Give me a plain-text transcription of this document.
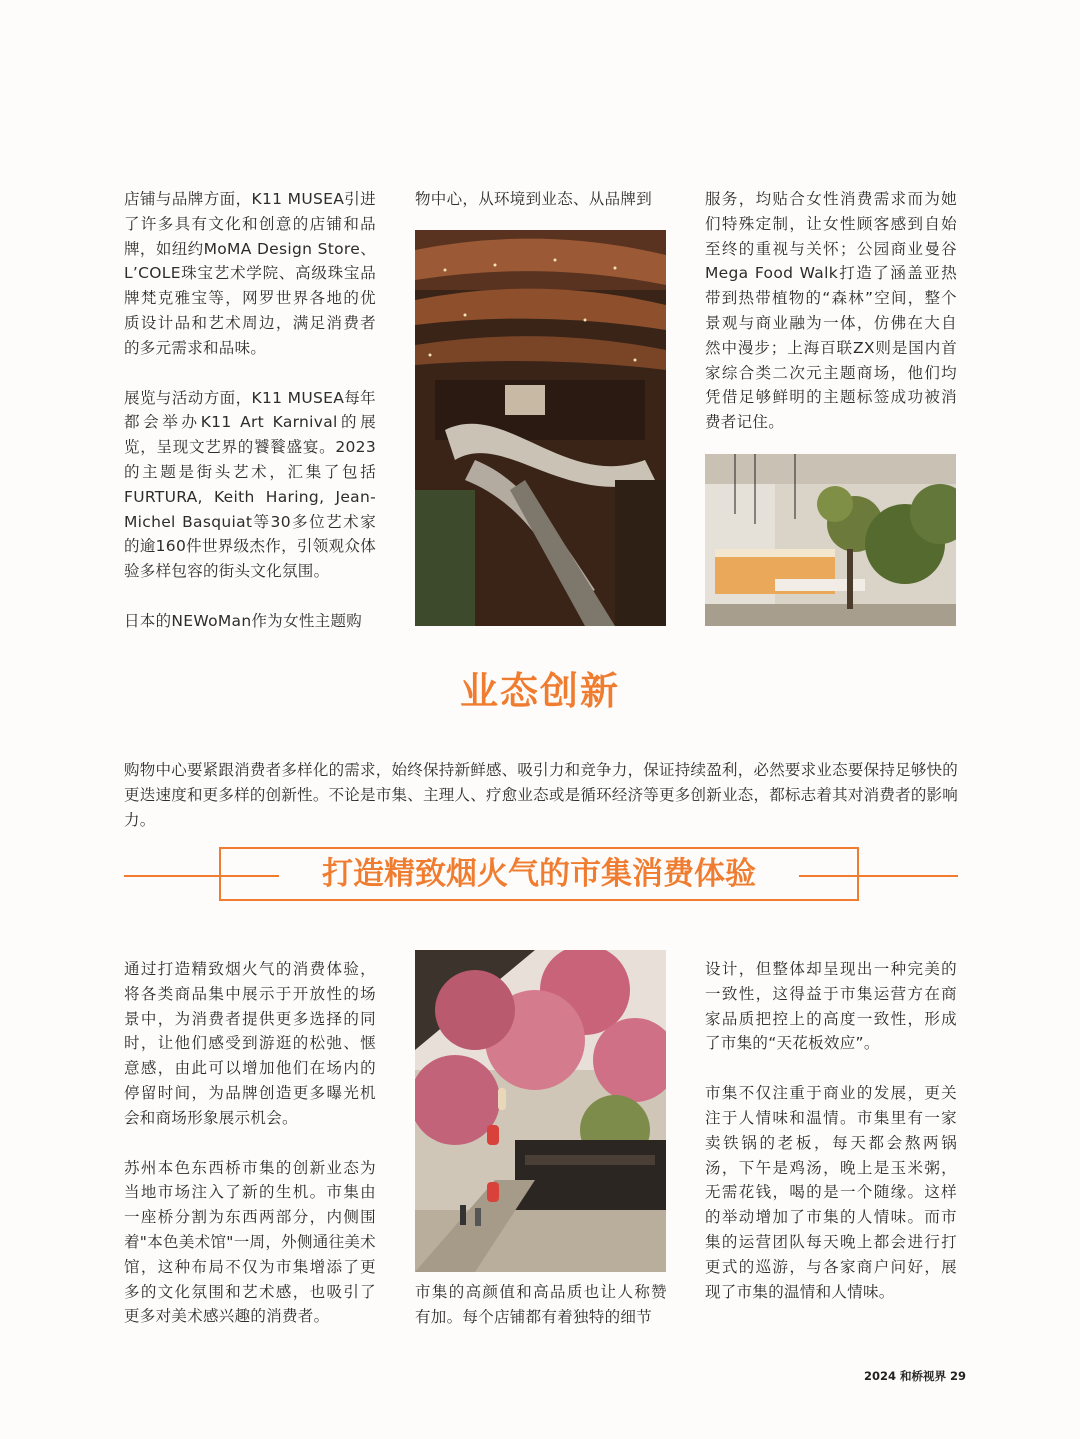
店铺与品牌方面，K11 MUSEA引进了许多具有文化和创意的店铺和品牌，如纽约MoMA Design Store、L’COLE珠宝艺术学院、高级珠宝品牌梵克雅宝等，网罗世界各地的优质设计品和艺术周边，满足消费者的多元需求和品味。

展览与活动方面，K11 MUSEA每年都会举办K11 Art Karnival的展览，呈现文艺界的饕餮盛宴。2023的主题是街头艺术，汇集了包括FURTURA, Keith Haring, Jean-Michel Basquiat等30多位艺术家的逾160件世界级杰作，引领观众体验多样包容的街头文化氛围。

日本的NEWoMan作为女性主题购

物中心，从环境到业态、从品牌到	服务，均贴合女性消费需求而为她们特殊定制，让女性顾客感到自始至终的重视与关怀；公园商业曼谷Mega Food Walk打造了涵盖亚热带到热带植物的“森林”空间，整个景观与商业融为一体，仿佛在大自然中漫步；上海百联ZX则是国内首家综合类二次元主题商场，他们均凭借足够鲜明的主题标签成功被消费者记住。

业态创新

购物中心要紧跟消费者多样化的需求，始终保持新鲜感、吸引力和竞争力，保证持续盈利，必然要求业态要保持足够快的更迭速度和更多样的创新性。不论是市集、主理人、疗愈业态或是循环经济等更多创新业态，都标志着其对消费者的影响力。

打造精致烟火气的市集消费体验

通过打造精致烟火气的消费体验，将各类商品集中展示于开放性的场景中，为消费者提供更多选择的同时，让他们感受到游逛的松弛、惬意感，由此可以增加他们在场内的停留时间，为品牌创造更多曝光机会和商场形象展示机会。

苏州本色东西桥市集的创新业态为当地市场注入了新的生机。市集由一座桥分割为东西两部分，内侧围着"本色美术馆"一周，外侧通往美术馆，这种布局不仅为市集增添了更多的文化氛围和艺术感，也吸引了更多对美术感兴趣的消费者。

市集的高颜值和高品质也让人称赞有加。每个店铺都有着独特的细节

设计，但整体却呈现出一种完美的一致性，这得益于市集运营方在商家品质把控上的高度一致性，形成了市集的“天花板效应”。

市集不仅注重于商业的发展，更关注于人情味和温情。市集里有一家卖铁锅的老板，每天都会熬两锅汤，下午是鸡汤，晚上是玉米粥，无需花钱，喝的是一个随缘。这样的举动增加了市集的人情味。而市集的运营团队每天晚上都会进行打更式的巡游，与各家商户问好，展现了市集的温情和人情味。

2024 和桥视界 29
